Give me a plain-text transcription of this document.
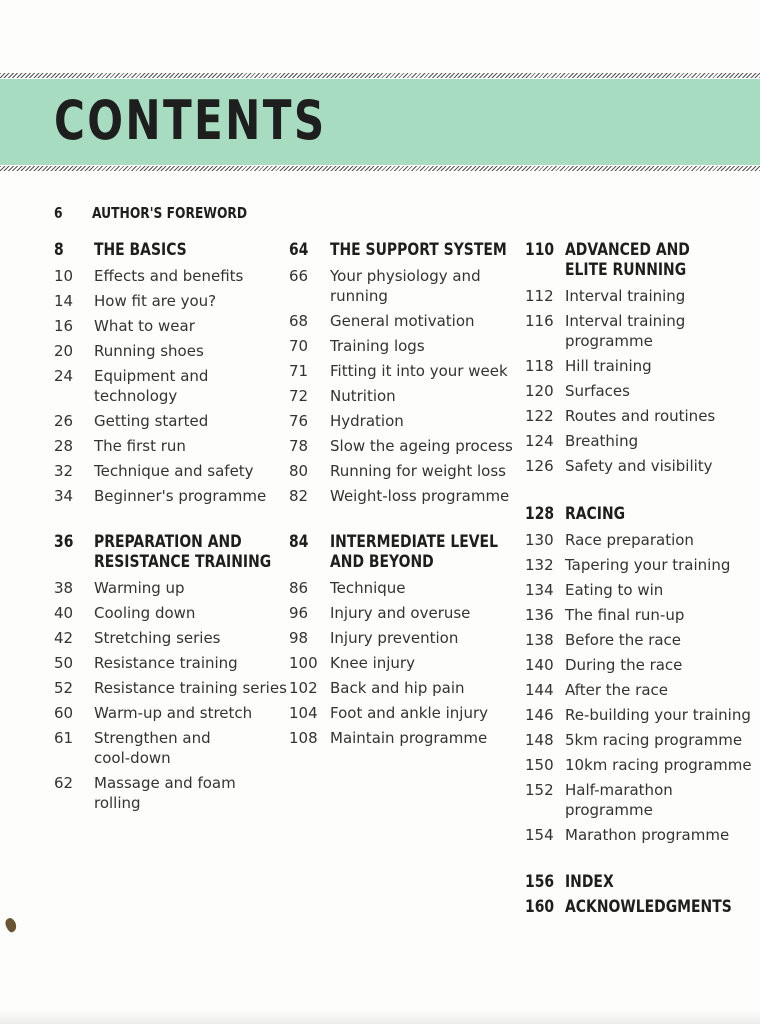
CONTENTS
6 AUTHOR'S FOREWORD
8 THE BASICS
10 Effects and benefits
14 How fit are you?
16 What to wear
20 Running shoes
24 Equipment and
technology
26 Getting started
28 The first run
32 Technique and safety
34 Beginner's programme
36 PREPARATION AND
RESISTANCE TRAINING
38 Warming up
40 Cooling down
42 Stretching series
50 Resistance training
52 Resistance training series
60 Warm-up and stretch
61 Strengthen and
cool-down
62 Massage and foam
rolling
64 THE SUPPORT SYSTEM
66 Your physiology and
running
68 General motivation
70 Training logs
71 Fitting it into your week
72 Nutrition
76 Hydration
78 Slow the ageing process
80 Running for weight loss
82 Weight-loss programme
84 INTERMEDIATE LEVEL
AND BEYOND
86 Technique
96 Injury and overuse
98 Injury prevention
100 Knee injury
102 Back and hip pain
104 Foot and ankle injury
108 Maintain programme
110 ADVANCED AND
ELITE RUNNING
112 Interval training
116 Interval training
programme
118 Hill training
120 Surfaces
122 Routes and routines
124 Breathing
126 Safety and visibility
128 RACING
130 Race preparation
132 Tapering your training
134 Eating to win
136 The final run-up
138 Before the race
140 During the race
144 After the race
146 Re-building your training
148 5km racing programme
150 10km racing programme
152 Half-marathon
programme
154 Marathon programme
156 INDEX
160 ACKNOWLEDGMENTS
